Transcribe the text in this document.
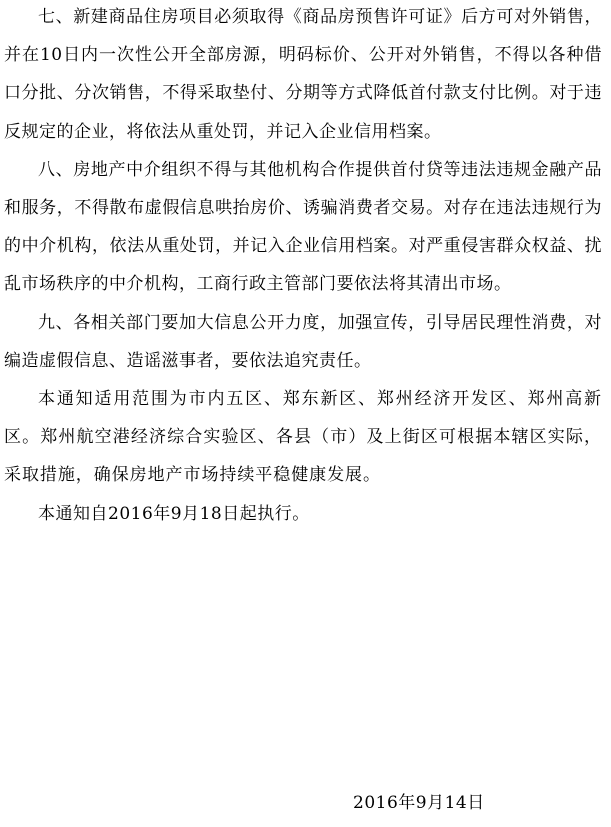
七、新建商品住房项目必须取得《商品房预售许可证》后方可对外销售，并在10日内一次性公开全部房源，明码标价、公开对外销售，不得以各种借口分批、分次销售，不得采取垫付、分期等方式降低首付款支付比例。对于违反规定的企业，将依法从重处罚，并记入企业信用档案。

八、房地产中介组织不得与其他机构合作提供首付贷等违法违规金融产品和服务，不得散布虚假信息哄抬房价、诱骗消费者交易。对存在违法违规行为的中介机构，依法从重处罚，并记入企业信用档案。对严重侵害群众权益、扰乱市场秩序的中介机构，工商行政主管部门要依法将其清出市场。

九、各相关部门要加大信息公开力度，加强宣传，引导居民理性消费，对编造虚假信息、造谣滋事者，要依法追究责任。

本通知适用范围为市内五区、郑东新区、郑州经济开发区、郑州高新区。郑州航空港经济综合实验区、各县（市）及上街区可根据本辖区实际，采取措施，确保房地产市场持续平稳健康发展。

本通知自2016年9月18日起执行。

2016年9月14日
